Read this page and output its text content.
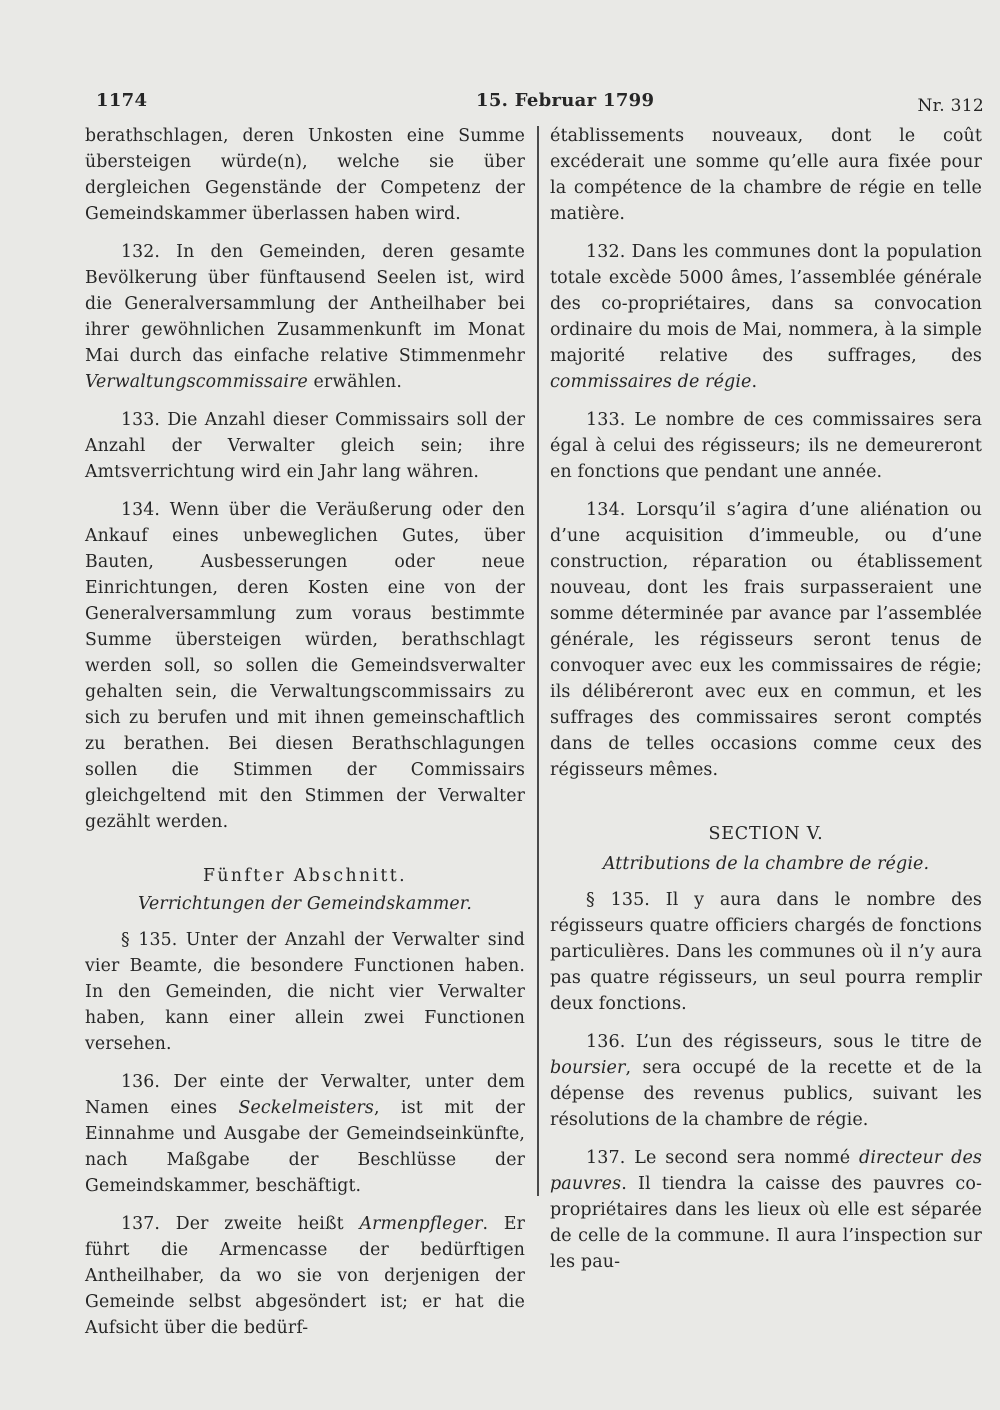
1174	15. Februar 1799	Nr. 312

berathschlagen, deren Unkosten eine Summe übersteigen würde(n), welche sie über dergleichen Gegenstände der Competenz der Gemeindskammer überlassen haben wird.

132. In den Gemeinden, deren gesamte Bevölkerung über fünftausend Seelen ist, wird die Generalversammlung der Antheilhaber bei ihrer gewöhnlichen Zusammenkunft im Monat Mai durch das einfache relative Stimmenmehr Verwaltungscommissaire erwählen.

133. Die Anzahl dieser Commissairs soll der Anzahl der Verwalter gleich sein; ihre Amtsverrichtung wird ein Jahr lang währen.

134. Wenn über die Veräußerung oder den Ankauf eines unbeweglichen Gutes, über Bauten, Ausbesserungen oder neue Einrichtungen, deren Kosten eine von der Generalversammlung zum voraus bestimmte Summe übersteigen würden, berathschlagt werden soll, so sollen die Gemeindsverwalter gehalten sein, die Verwaltungscommissairs zu sich zu berufen und mit ihnen gemeinschaftlich zu berathen. Bei diesen Berathschlagungen sollen die Stimmen der Commissairs gleichgeltend mit den Stimmen der Verwalter gezählt werden.

Fünfter Abschnitt.
Verrichtungen der Gemeindskammer.

§ 135. Unter der Anzahl der Verwalter sind vier Beamte, die besondere Functionen haben. In den Gemeinden, die nicht vier Verwalter haben, kann einer allein zwei Functionen versehen.

136. Der einte der Verwalter, unter dem Namen eines Seckelmeisters, ist mit der Einnahme und Ausgabe der Gemeindseinkünfte, nach Maßgabe der Beschlüsse der Gemeindskammer, beschäftigt.

137. Der zweite heißt Armenpfleger. Er führt die Armencasse der bedürftigen Antheilhaber, da wo sie von derjenigen der Gemeinde selbst abgesöndert ist; er hat die Aufsicht über die bedürf-

établissements nouveaux, dont le coût excéderait une somme qu’elle aura fixée pour la compétence de la chambre de régie en telle matière.

132. Dans les communes dont la population totale excède 5000 âmes, l’assemblée générale des co-propriétaires, dans sa convocation ordinaire du mois de Mai, nommera, à la simple majorité relative des suffrages, des commissaires de régie.

133. Le nombre de ces commissaires sera égal à celui des régisseurs; ils ne demeureront en fonctions que pendant une année.

134. Lorsqu’il s’agira d’une aliénation ou d’une acquisition d’immeuble, ou d’une construction, réparation ou établissement nouveau, dont les frais surpasseraient une somme déterminée par avance par l’assemblée générale, les régisseurs seront tenus de convoquer avec eux les commissaires de régie; ils délibéreront avec eux en commun, et les suffrages des commissaires seront comptés dans de telles occasions comme ceux des régisseurs mêmes.

SECTION V.
Attributions de la chambre de régie.

§ 135. Il y aura dans le nombre des régisseurs quatre officiers chargés de fonctions particulières. Dans les communes où il n’y aura pas quatre régisseurs, un seul pourra remplir deux fonctions.

136. L’un des régisseurs, sous le titre de boursier, sera occupé de la recette et de la dépense des revenus publics, suivant les résolutions de la chambre de régie.

137. Le second sera nommé directeur des pauvres. Il tiendra la caisse des pauvres co-propriétaires dans les lieux où elle est séparée de celle de la commune. Il aura l’inspection sur les pau-
